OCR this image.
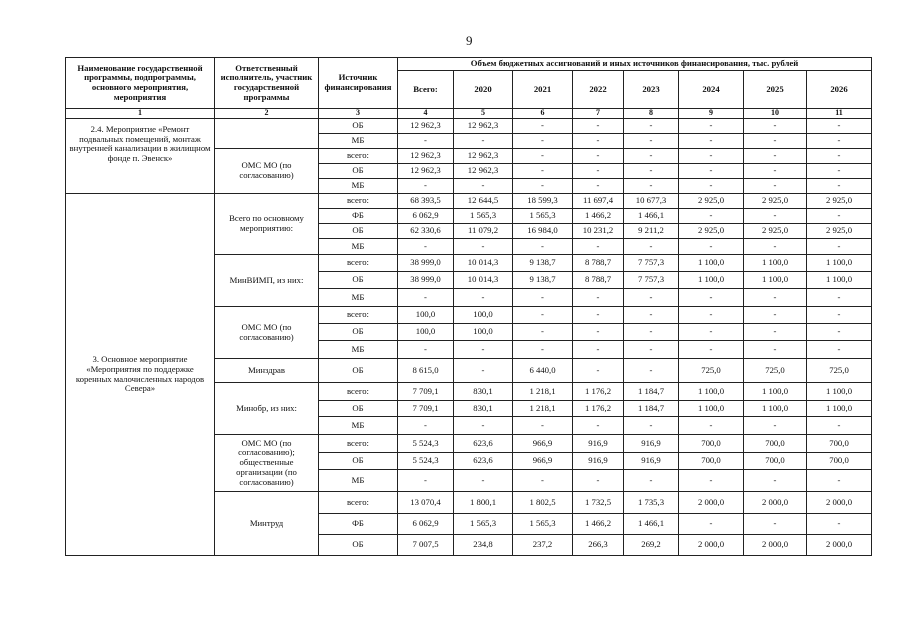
9
Наименование государственной программы, подпрограммы, основного мероприятия, мероприятия	Ответственный исполнитель, участник государственной программы	Источник финансирования	Объем бюджетных ассигнований и иных источников финансирования, тыс. рублей							
			Всего:	2020	2021	2022	2023	2024	2025	2026
1	2	3	4	5	6	7	8	9	10	11
2.4. Мероприятие «Ремонт подвальных помещений, монтаж внутренней канализации в жилищном фонде п. Эвенск»		ОБ	12 962,3	12 962,3	-	-	-	-	-	-
		МБ	-	-	-	-	-	-	-	-
	ОМС МО (по согласованию)	всего:	12 962,3	12 962,3	-	-	-	-	-	-
		ОБ	12 962,3	12 962,3	-	-	-	-	-	-
		МБ	-	-	-	-	-	-	-	-
3. Основное мероприятие «Мероприятия по поддержке коренных малочисленных народов Севера»	Всего по основному мероприятию:	всего:	68 393,5	12 644,5	18 599,3	11 697,4	10 677,3	2 925,0	2 925,0	2 925,0
		ФБ	6 062,9	1 565,3	1 565,3	1 466,2	1 466,1	-	-	-
		ОБ	62 330,6	11 079,2	16 984,0	10 231,2	9 211,2	2 925,0	2 925,0	2 925,0
		МБ	-	-	-	-	-	-	-	-
	МинВИМП, из них:	всего:	38 999,0	10 014,3	9 138,7	8 788,7	7 757,3	1 100,0	1 100,0	1 100,0
		ОБ	38 999,0	10 014,3	9 138,7	8 788,7	7 757,3	1 100,0	1 100,0	1 100,0
		МБ	-	-	-	-	-	-	-	-
	ОМС МО (по согласованию)	всего:	100,0	100,0	-	-	-	-	-	-
		ОБ	100,0	100,0	-	-	-	-	-	-
		МБ	-	-	-	-	-	-	-	-
	Минздрав	ОБ	8 615,0	-	6 440,0	-	-	725,0	725,0	725,0
	Минобр, из них:	всего:	7 709,1	830,1	1 218,1	1 176,2	1 184,7	1 100,0	1 100,0	1 100,0
		ОБ	7 709,1	830,1	1 218,1	1 176,2	1 184,7	1 100,0	1 100,0	1 100,0
		МБ	-	-	-	-	-	-	-	-
	ОМС МО (по согласованию); общественные организации (по согласованию)	всего:	5 524,3	623,6	966,9	916,9	916,9	700,0	700,0	700,0
		ОБ	5 524,3	623,6	966,9	916,9	916,9	700,0	700,0	700,0
		МБ	-	-	-	-	-	-	-	-
	Минтруд	всего:	13 070,4	1 800,1	1 802,5	1 732,5	1 735,3	2 000,0	2 000,0	2 000,0
		ФБ	6 062,9	1 565,3	1 565,3	1 466,2	1 466,1	-	-	-
		ОБ	7 007,5	234,8	237,2	266,3	269,2	2 000,0	2 000,0	2 000,0
